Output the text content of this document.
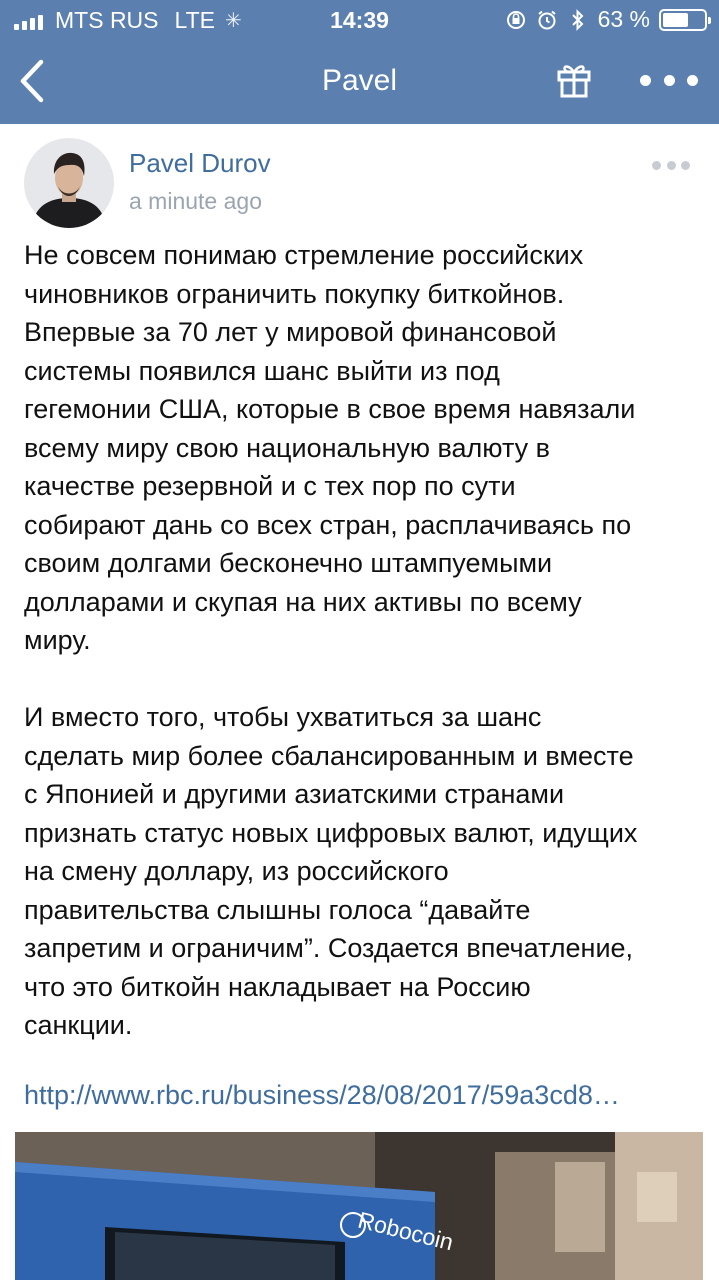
MTS RUS LTE ✳	14:39	63 %
Pavel
Pavel Durov
a minute ago
Не совсем понимаю стремление российских
чиновников ограничить покупку биткойнов.
Впервые за 70 лет у мировой финансовой
системы появился шанс выйти из под
гегемонии США, которые в свое время навязали
всему миру свою национальную валюту в
качестве резервной и с тех пор по сути
собирают дань со всех стран, расплачиваясь по
своим долгами бесконечно штампуемыми
долларами и скупая на них активы по всему
миру.
И вместо того, чтобы ухватиться за шанс
сделать мир более сбалансированным и вместе
с Японией и другими азиатскими странами
признать статус новых цифровых валют, идущих
на смену доллару, из российского
правительства слышны голоса “давайте
запретим и ограничим”. Создается впечатление,
что это биткойн накладывает на Россию
санкции.
http://www.rbc.ru/business/28/08/2017/59a3cd8…
Robocoin
